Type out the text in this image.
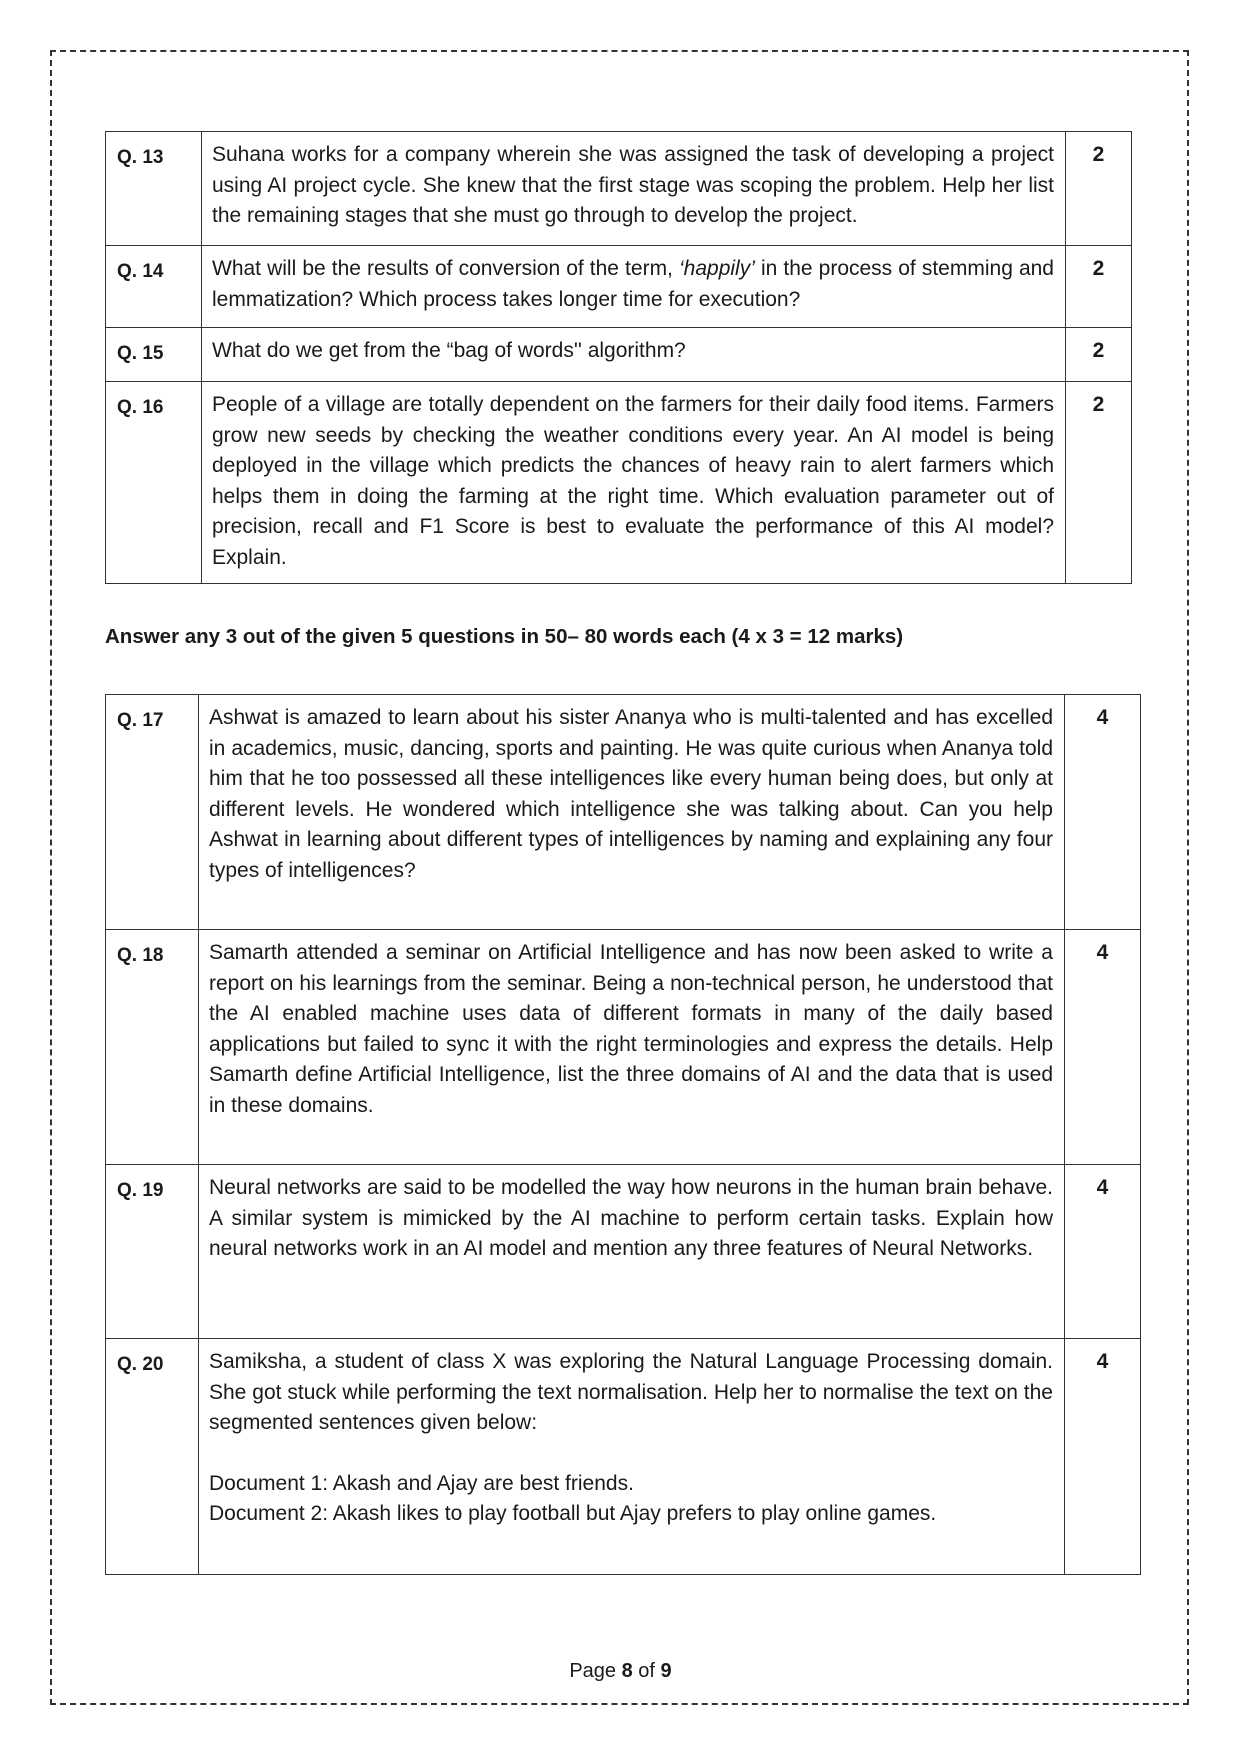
Q. 13	Suhana works for a company wherein she was assigned the task of developing a project using AI project cycle. She knew that the first stage was scoping the problem. Help her list the remaining stages that she must go through to develop the project.	2
Q. 14	What will be the results of conversion of the term, ‘happily’ in the process of stemming and lemmatization? Which process takes longer time for execution?	2
Q. 15	What do we get from the “bag of words'' algorithm?	2
Q. 16	People of a village are totally dependent on the farmers for their daily food items. Farmers grow new seeds by checking the weather conditions every year. An AI model is being deployed in the village which predicts the chances of heavy rain to alert farmers which helps them in doing the farming at the right time. Which evaluation parameter out of precision, recall and F1 Score is best to evaluate the performance of this AI model? Explain.	2

Answer any 3 out of the given 5 questions in 50– 80 words each (4 x 3 = 12 marks)

Q. 17	Ashwat is amazed to learn about his sister Ananya who is multi-talented and has excelled in academics, music, dancing, sports and painting. He was quite curious when Ananya told him that he too possessed all these intelligences like every human being does, but only at different levels. He wondered which intelligence she was talking about. Can you help Ashwat in learning about different types of intelligences by naming and explaining any four types of intelligences?	4
Q. 18	Samarth attended a seminar on Artificial Intelligence and has now been asked to write a report on his learnings from the seminar. Being a non-technical person, he understood that the AI enabled machine uses data of different formats in many of the daily based applications but failed to sync it with the right terminologies and express the details. Help Samarth define Artificial Intelligence, list the three domains of AI and the data that is used in these domains.	4
Q. 19	Neural networks are said to be modelled the way how neurons in the human brain behave. A similar system is mimicked by the AI machine to perform certain tasks. Explain how neural networks work in an AI model and mention any three features of Neural Networks.	4
Q. 20	Samiksha, a student of class X was exploring the Natural Language Processing domain. She got stuck while performing the text normalisation. Help her to normalise the text on the segmented sentences given below:
Document 1: Akash and Ajay are best friends.
Document 2: Akash likes to play football but Ajay prefers to play online games.	4
Page 8 of 9
